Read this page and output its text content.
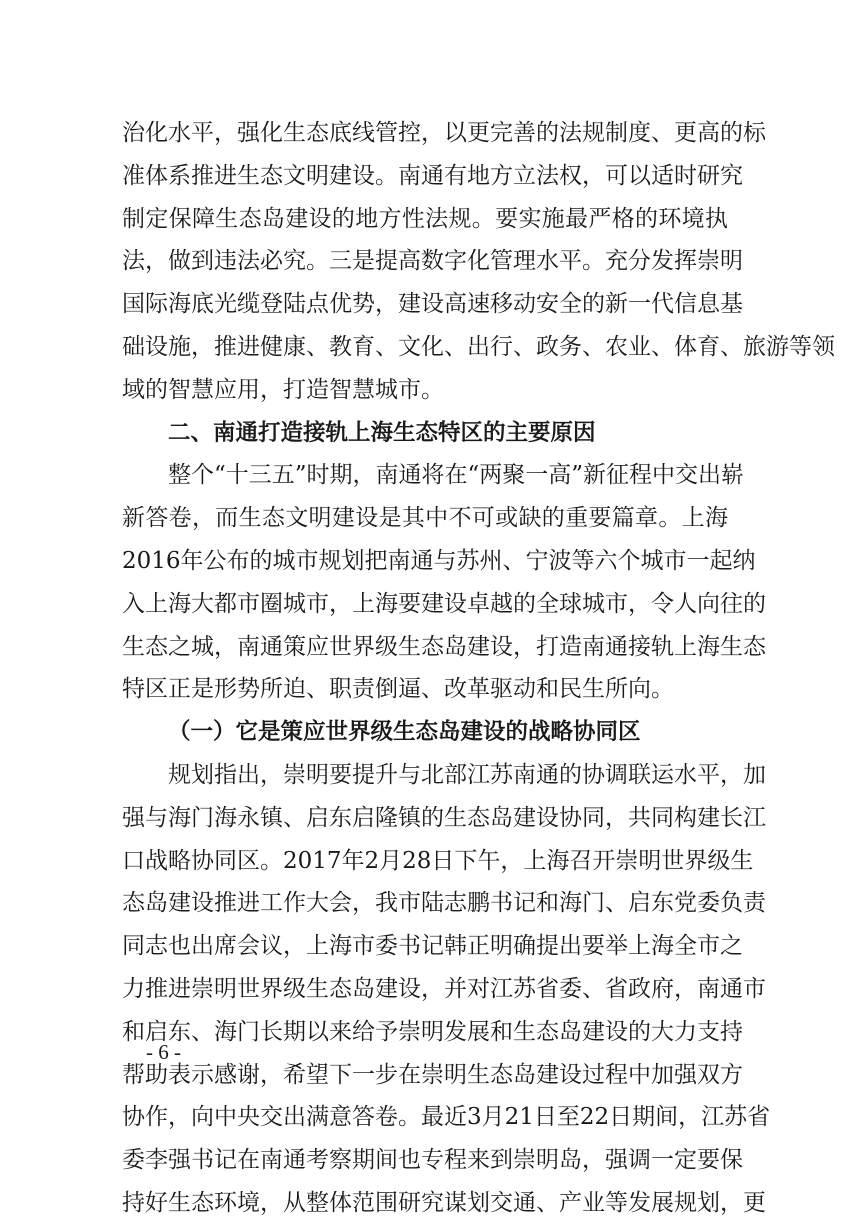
治化水平，强化生态底线管控，以更完善的法规制度、更高的标
准体系推进生态文明建设。南通有地方立法权，可以适时研究
制定保障生态岛建设的地方性法规。要实施最严格的环境执
法，做到违法必究。三是提高数字化管理水平。充分发挥崇明
国际海底光缆登陆点优势，建设高速移动安全的新一代信息基
础设施，推进健康、教育、文化、出行、政务、农业、体育、旅游等领
域的智慧应用，打造智慧城市。
二、南通打造接轨上海生态特区的主要原因
整个“十三五”时期，南通将在“两聚一高”新征程中交出崭
新答卷，而生态文明建设是其中不可或缺的重要篇章。上海
2016年公布的城市规划把南通与苏州、宁波等六个城市一起纳
入上海大都市圈城市，上海要建设卓越的全球城市，令人向往的
生态之城，南通策应世界级生态岛建设，打造南通接轨上海生态
特区正是形势所迫、职责倒逼、改革驱动和民生所向。
（一）它是策应世界级生态岛建设的战略协同区
规划指出，崇明要提升与北部江苏南通的协调联运水平，加
强与海门海永镇、启东启隆镇的生态岛建设协同，共同构建长江
口战略协同区。2017年2月28日下午，上海召开崇明世界级生
态岛建设推进工作大会，我市陆志鹏书记和海门、启东党委负责
同志也出席会议，上海市委书记韩正明确提出要举上海全市之
力推进崇明世界级生态岛建设，并对江苏省委、省政府，南通市
和启东、海门长期以来给予崇明发展和生态岛建设的大力支持
帮助表示感谢，希望下一步在崇明生态岛建设过程中加强双方
协作，向中央交出满意答卷。最近3月21日至22日期间，江苏省
委李强书记在南通考察期间也专程来到崇明岛，强调一定要保
持好生态环境，从整体范围研究谋划交通、产业等发展规划，更
- 6 -
